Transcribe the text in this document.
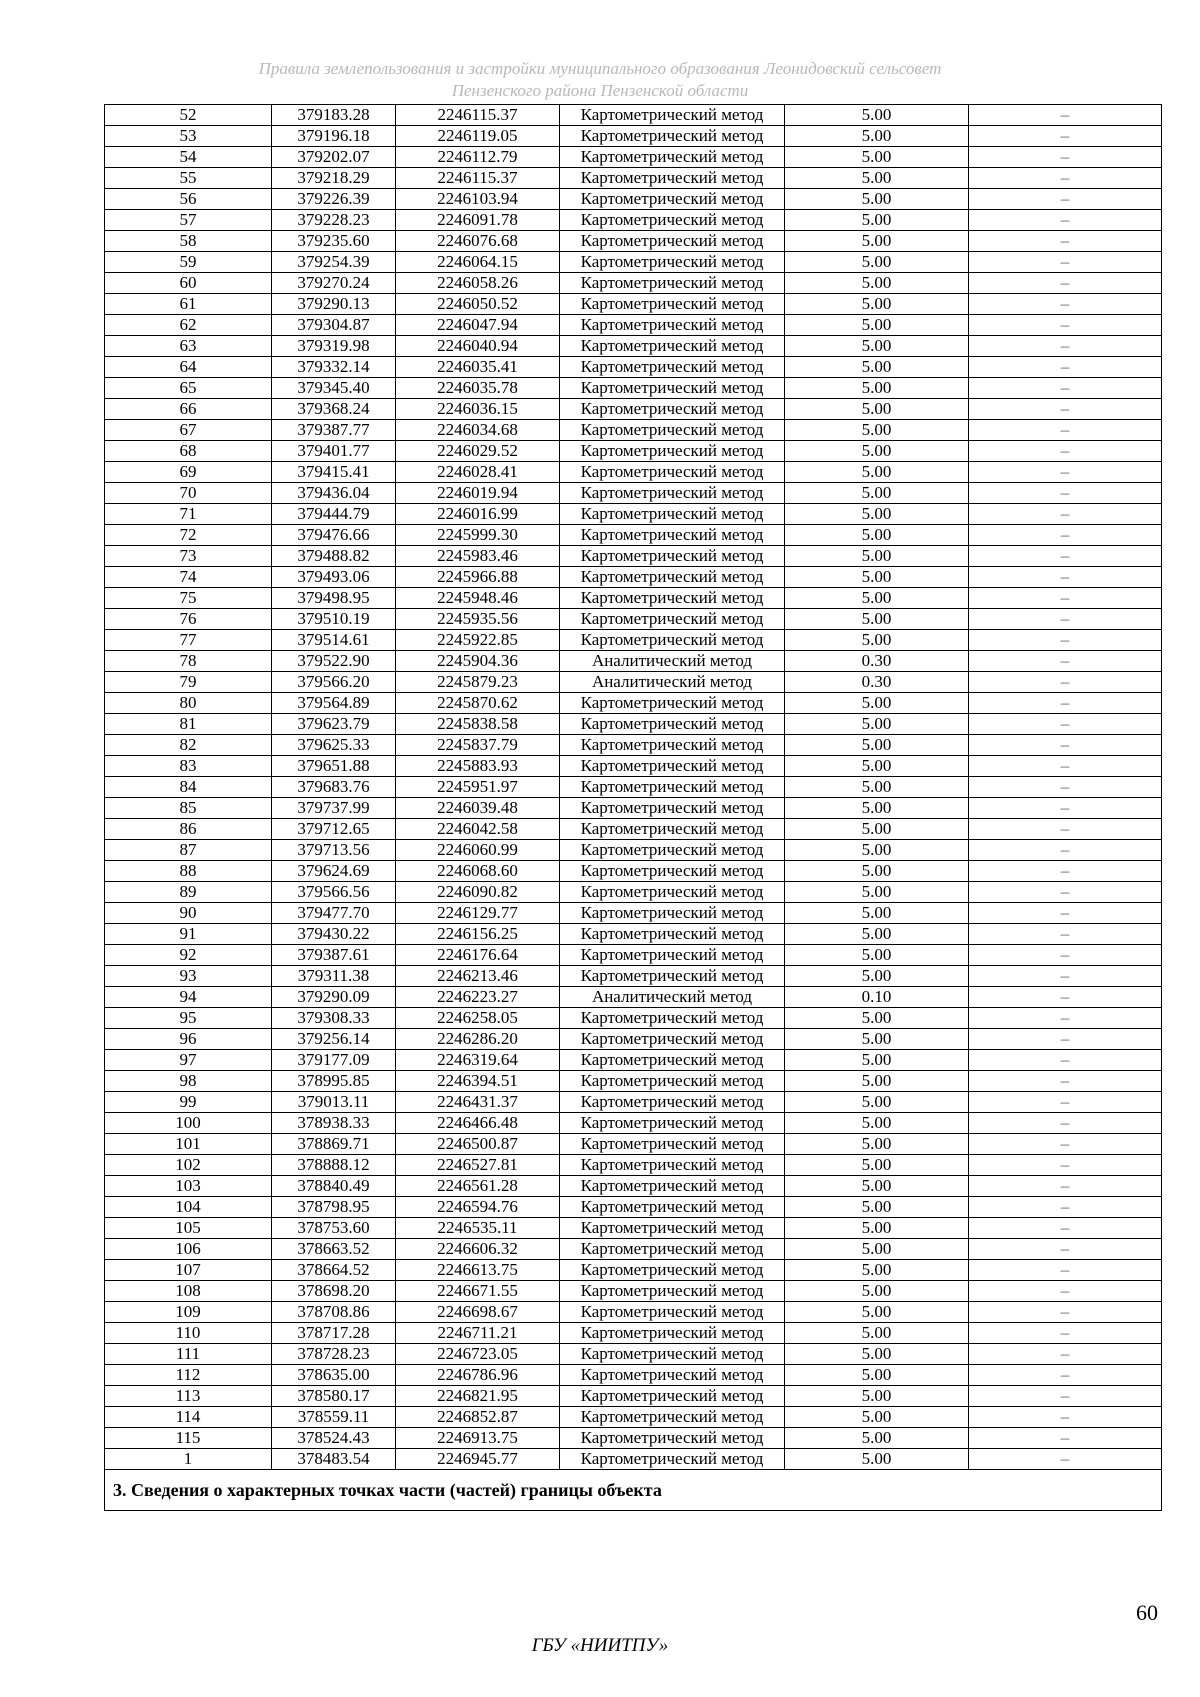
Правила землепользования и застройки муниципального образования Леонидовский сельсовет
Пензенского района Пензенской области
52	379183.28	2246115.37	Картометрический метод	5.00	–
53	379196.18	2246119.05	Картометрический метод	5.00	–
54	379202.07	2246112.79	Картометрический метод	5.00	–
55	379218.29	2246115.37	Картометрический метод	5.00	–
56	379226.39	2246103.94	Картометрический метод	5.00	–
57	379228.23	2246091.78	Картометрический метод	5.00	–
58	379235.60	2246076.68	Картометрический метод	5.00	–
59	379254.39	2246064.15	Картометрический метод	5.00	–
60	379270.24	2246058.26	Картометрический метод	5.00	–
61	379290.13	2246050.52	Картометрический метод	5.00	–
62	379304.87	2246047.94	Картометрический метод	5.00	–
63	379319.98	2246040.94	Картометрический метод	5.00	–
64	379332.14	2246035.41	Картометрический метод	5.00	–
65	379345.40	2246035.78	Картометрический метод	5.00	–
66	379368.24	2246036.15	Картометрический метод	5.00	–
67	379387.77	2246034.68	Картометрический метод	5.00	–
68	379401.77	2246029.52	Картометрический метод	5.00	–
69	379415.41	2246028.41	Картометрический метод	5.00	–
70	379436.04	2246019.94	Картометрический метод	5.00	–
71	379444.79	2246016.99	Картометрический метод	5.00	–
72	379476.66	2245999.30	Картометрический метод	5.00	–
73	379488.82	2245983.46	Картометрический метод	5.00	–
74	379493.06	2245966.88	Картометрический метод	5.00	–
75	379498.95	2245948.46	Картометрический метод	5.00	–
76	379510.19	2245935.56	Картометрический метод	5.00	–
77	379514.61	2245922.85	Картометрический метод	5.00	–
78	379522.90	2245904.36	Аналитический метод	0.30	–
79	379566.20	2245879.23	Аналитический метод	0.30	–
80	379564.89	2245870.62	Картометрический метод	5.00	–
81	379623.79	2245838.58	Картометрический метод	5.00	–
82	379625.33	2245837.79	Картометрический метод	5.00	–
83	379651.88	2245883.93	Картометрический метод	5.00	–
84	379683.76	2245951.97	Картометрический метод	5.00	–
85	379737.99	2246039.48	Картометрический метод	5.00	–
86	379712.65	2246042.58	Картометрический метод	5.00	–
87	379713.56	2246060.99	Картометрический метод	5.00	–
88	379624.69	2246068.60	Картометрический метод	5.00	–
89	379566.56	2246090.82	Картометрический метод	5.00	–
90	379477.70	2246129.77	Картометрический метод	5.00	–
91	379430.22	2246156.25	Картометрический метод	5.00	–
92	379387.61	2246176.64	Картометрический метод	5.00	–
93	379311.38	2246213.46	Картометрический метод	5.00	–
94	379290.09	2246223.27	Аналитический метод	0.10	–
95	379308.33	2246258.05	Картометрический метод	5.00	–
96	379256.14	2246286.20	Картометрический метод	5.00	–
97	379177.09	2246319.64	Картометрический метод	5.00	–
98	378995.85	2246394.51	Картометрический метод	5.00	–
99	379013.11	2246431.37	Картометрический метод	5.00	–
100	378938.33	2246466.48	Картометрический метод	5.00	–
101	378869.71	2246500.87	Картометрический метод	5.00	–
102	378888.12	2246527.81	Картометрический метод	5.00	–
103	378840.49	2246561.28	Картометрический метод	5.00	–
104	378798.95	2246594.76	Картометрический метод	5.00	–
105	378753.60	2246535.11	Картометрический метод	5.00	–
106	378663.52	2246606.32	Картометрический метод	5.00	–
107	378664.52	2246613.75	Картометрический метод	5.00	–
108	378698.20	2246671.55	Картометрический метод	5.00	–
109	378708.86	2246698.67	Картометрический метод	5.00	–
110	378717.28	2246711.21	Картометрический метод	5.00	–
111	378728.23	2246723.05	Картометрический метод	5.00	–
112	378635.00	2246786.96	Картометрический метод	5.00	–
113	378580.17	2246821.95	Картометрический метод	5.00	–
114	378559.11	2246852.87	Картометрический метод	5.00	–
115	378524.43	2246913.75	Картометрический метод	5.00	–
1	378483.54	2246945.77	Картометрический метод	5.00	–
3. Сведения о характерных точках части (частей) границы объекта					
60
ГБУ «НИИТПУ»
